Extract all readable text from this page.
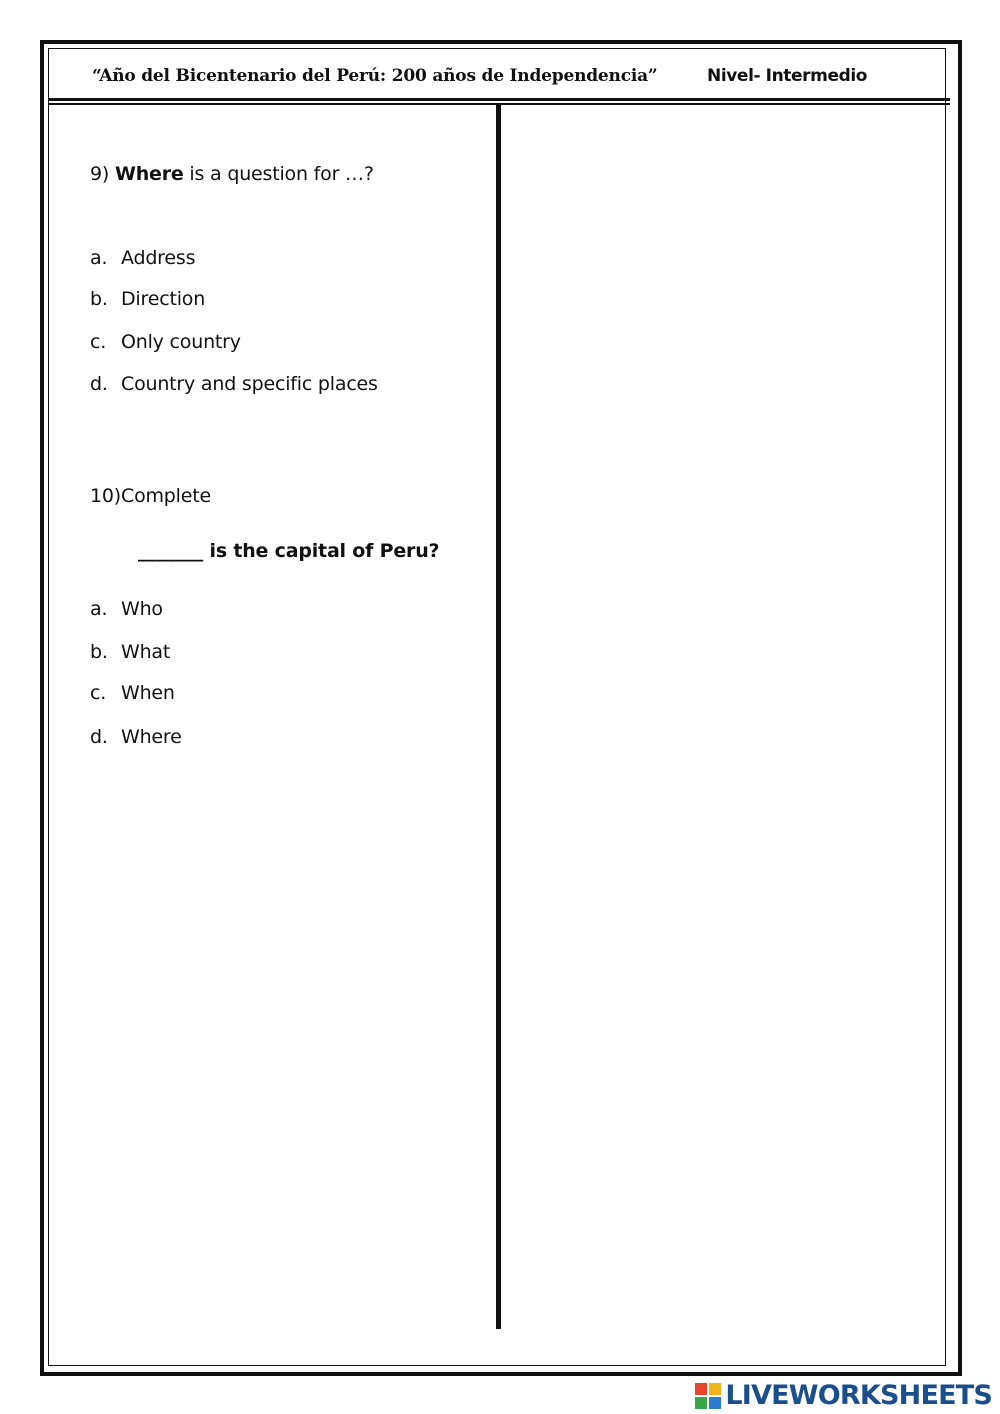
“Año del Bicentenario del Perú: 200 años de Independencia”	Nivel- Intermedio
9) Where is a question for …?
a. Address
b. Direction
c. Only country
d. Country and specific places
10)Complete
_______ is the capital of Peru?
a. Who
b. What
c. When
d. Where
LIVEWORKSHEETS
